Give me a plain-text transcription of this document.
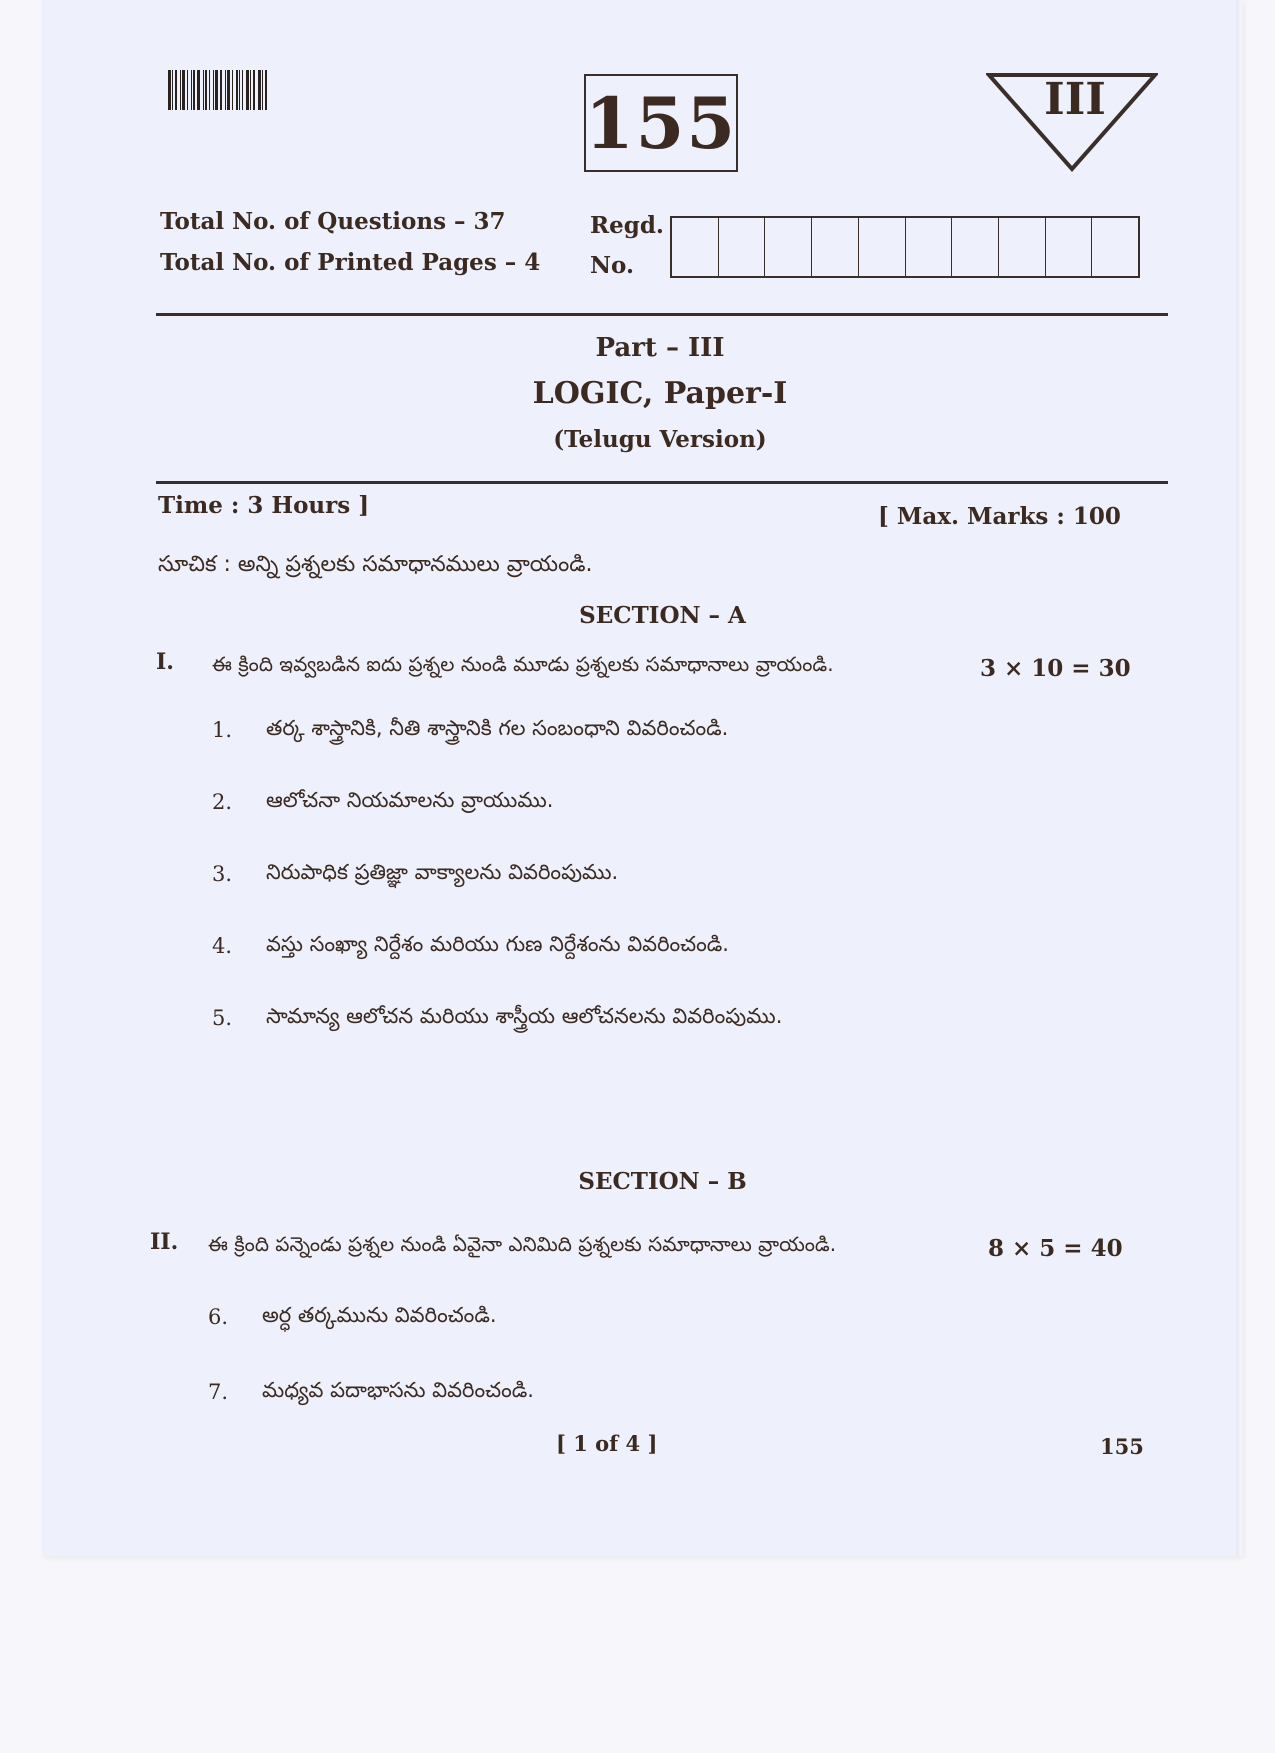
155	III
Total No. of Questions – 37
Total No. of Printed Pages – 4
Regd.
No.
Part – III
LOGIC, Paper-I
(Telugu Version)
Time : 3 Hours ]	[ Max. Marks : 100
సూచిక : అన్ని ప్రశ్నలకు సమాధానములు వ్రాయండి.
SECTION – A
I. ఈ క్రింది ఇవ్వబడిన ఐదు ప్రశ్నల నుండి మూడు ప్రశ్నలకు సమాధానాలు వ్రాయండి.	3 × 10 = 30
1. తర్క శాస్త్రానికి, నీతి శాస్త్రానికి గల సంబంధాని వివరించండి.
2. ఆలోచనా నియమాలను వ్రాయుము.
3. నిరుపాధిక ప్రతిజ్ఞా వాక్యాలను వివరింపుము.
4. వస్తు సంఖ్యా నిర్దేశం మరియు గుణ నిర్దేశంను వివరించండి.
5. సామాన్య ఆలోచన మరియు శాస్త్రీయ ఆలోచనలను వివరింపుము.
SECTION – B
II. ఈ క్రింది పన్నెండు ప్రశ్నల నుండి ఏవైనా ఎనిమిది ప్రశ్నలకు సమాధానాలు వ్రాయండి.	8 × 5 = 40
6. అర్ధ తర్కమును వివరించండి.
7. మధ్యవ పదాభాసను వివరించండి.
[ 1 of 4 ]	155
